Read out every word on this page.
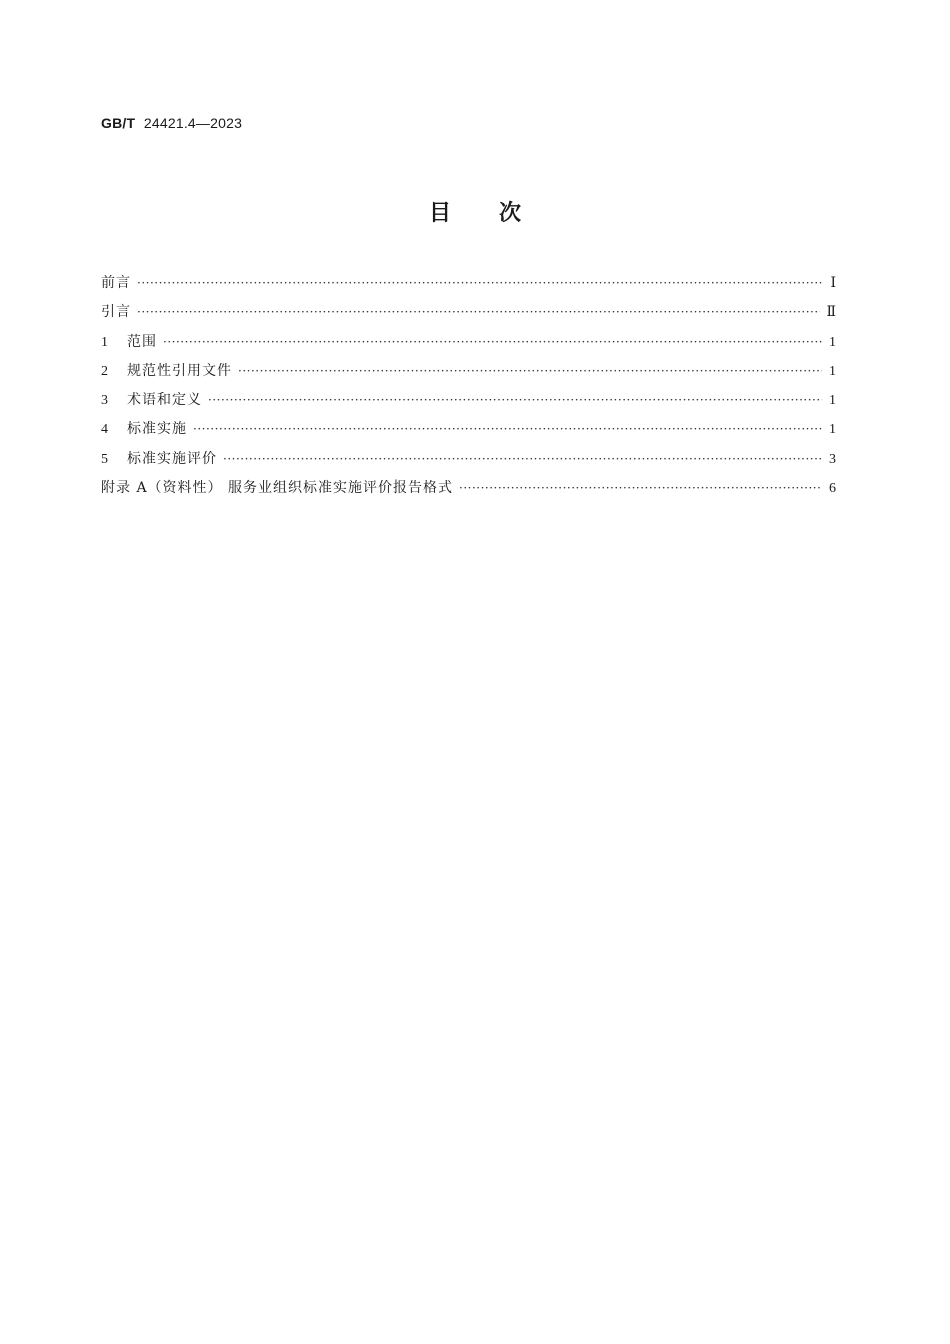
GB/T 24421.4—2023
目次
前言 ·····	Ⅰ
引言 ·····	Ⅱ
1 范围 ·····	1
2 规范性引用文件 ·····	1
3 术语和定义 ·····	1
4 标准实施 ·····	1
5 标准实施评价 ·····	3
附录 A（资料性） 服务业组织标准实施评价报告格式 ·····	6
